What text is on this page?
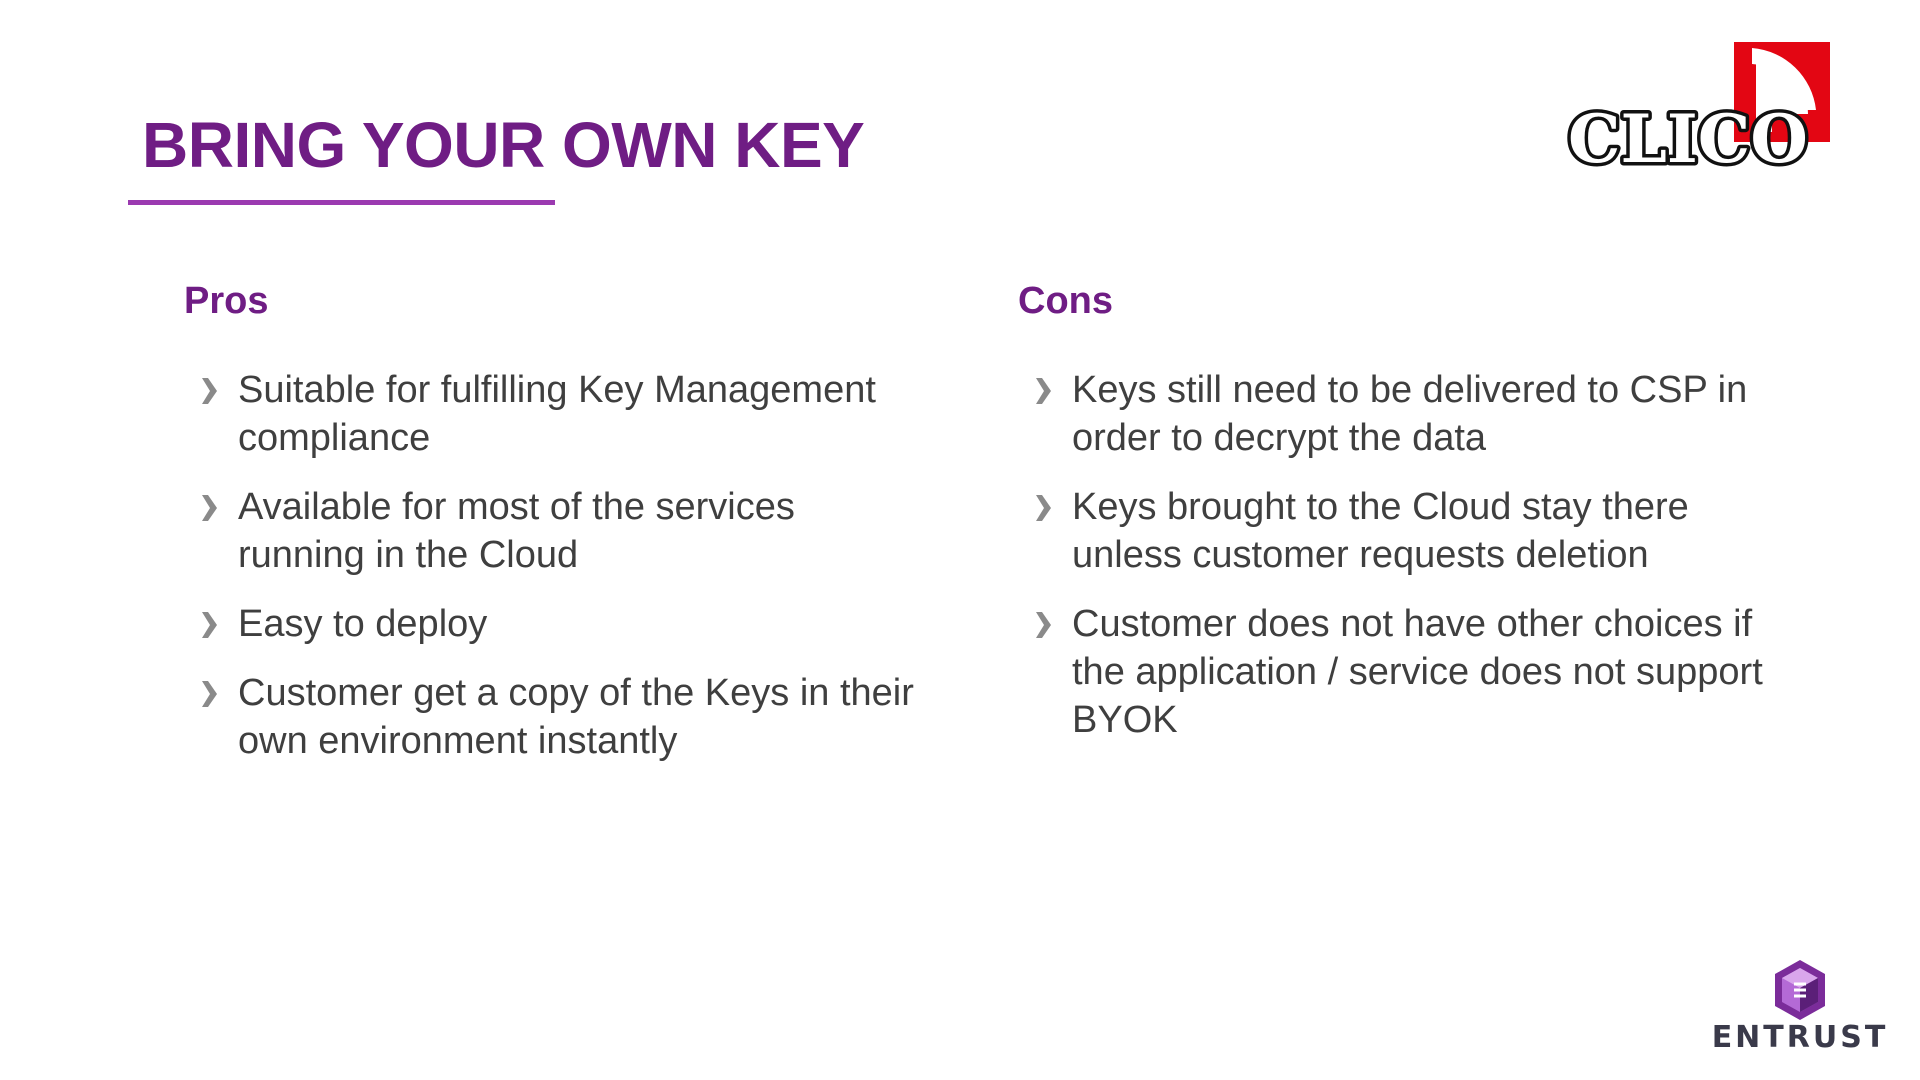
BRING YOUR OWN KEY	CLICO
Pros
Suitable for fulfilling Key Management compliance
Available for most of the services running in the Cloud
Easy to deploy
Customer get a copy of the Keys in their own environment instantly
Cons
Keys still need to be delivered to CSP in order to decrypt the data
Keys brought to the Cloud stay there unless customer requests deletion
Customer does not have other choices if the application / service does not support BYOK
ENTRUST
